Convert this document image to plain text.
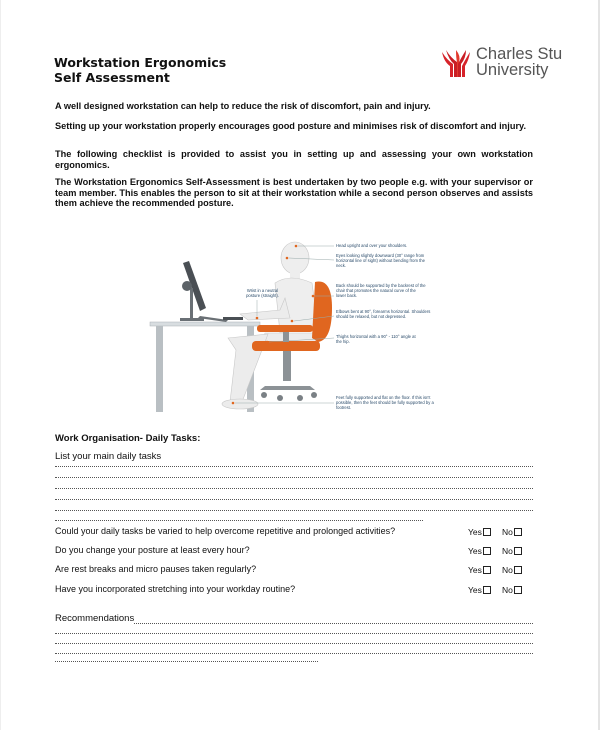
Workstation Ergonomics
Self Assessment
Charles Stu
University
A well designed workstation can help to reduce the risk of discomfort, pain and injury.
Setting up your workstation properly encourages good posture and minimises risk of discomfort and injury.
The following checklist is provided to assist you in setting up and assessing your own workstation ergonomics.
The Workstation Ergonomics Self-Assessment is best undertaken by two people e.g. with your supervisor or team member. This enables the person to sit at their workstation while a second person observes and assists them achieve the recommended posture.
Head upright and over your shoulders.
Eyes looking slightly downward (30° range from horizontal line of sight) without bending from the neck.
Back should be supported by the backrest of the chair that promotes the natural curve of the lower back.
Elbows bent at 90°, forearms horizontal. Shoulders should be relaxed, but not depressed.
Thighs horizontal with a 90° - 110° angle at the hip.
Feet fully supported and flat on the floor. If this isn't possible, then the feet should be fully supported by a footrest.
Wrist in a neutral posture (straight).
Work Organisation- Daily Tasks:
List your main daily tasks
Could your daily tasks be varied to help overcome repetitive and prolonged activities?	Yes No
Do you change your posture at least every hour?	Yes No
Are rest breaks and micro pauses taken regularly?	Yes No
Have you incorporated stretching into your workday routine?	Yes No
Recommendations
